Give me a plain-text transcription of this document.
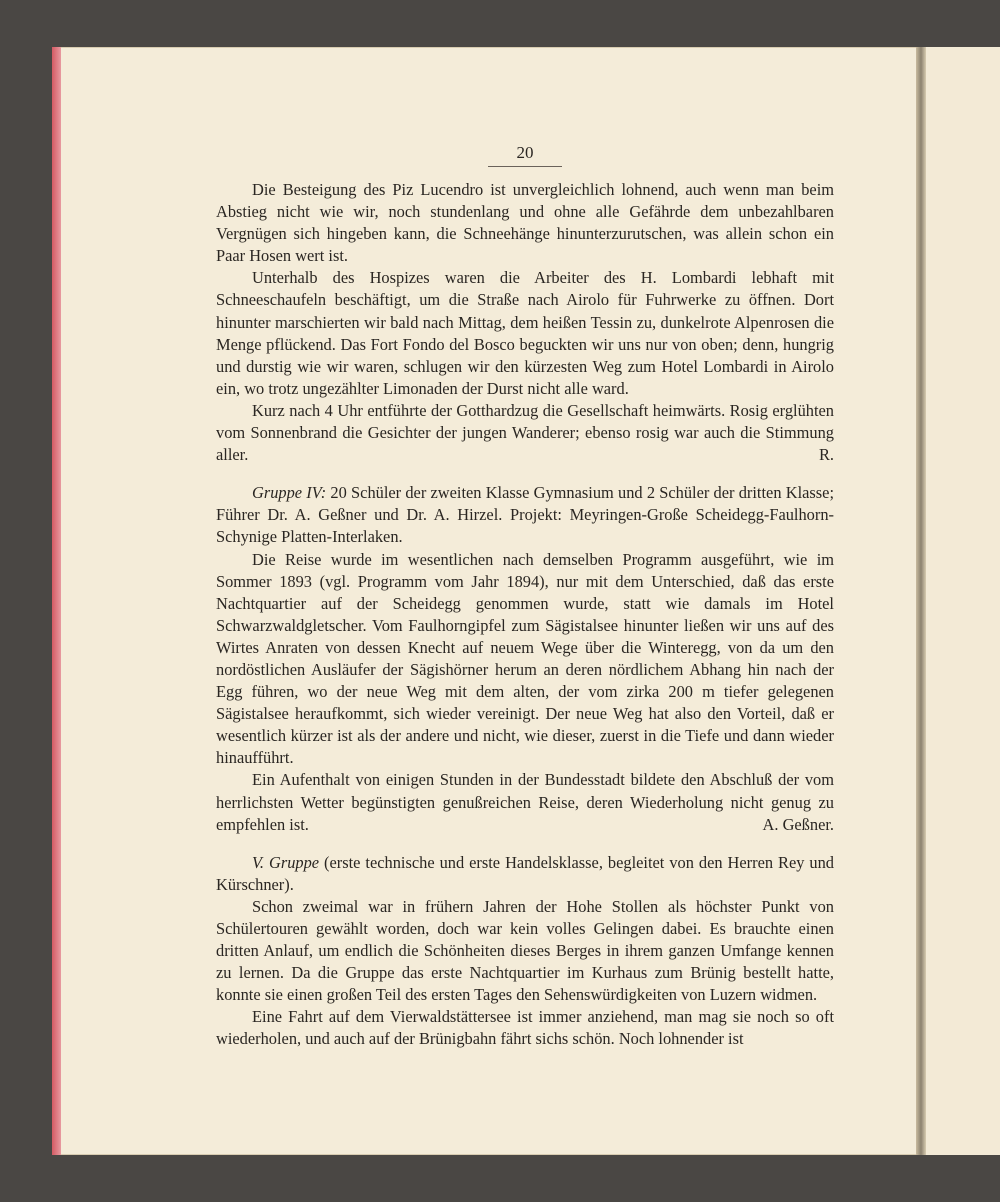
20

Die Besteigung des Piz Lucendro ist unvergleichlich lohnend, auch wenn man beim Abstieg nicht wie wir, noch stundenlang und ohne alle Gefährde dem unbezahlbaren Vergnügen sich hingeben kann, die Schneehänge hinunterzurutschen, was allein schon ein Paar Hosen wert ist.

Unterhalb des Hospizes waren die Arbeiter des H. Lombardi lebhaft mit Schneeschaufeln beschäftigt, um die Straße nach Airolo für Fuhrwerke zu öffnen. Dort hinunter marschierten wir bald nach Mittag, dem heißen Tessin zu, dunkelrote Alpenrosen die Menge pflückend. Das Fort Fondo del Bosco beguckten wir uns nur von oben; denn, hungrig und durstig wie wir waren, schlugen wir den kürzesten Weg zum Hotel Lombardi in Airolo ein, wo trotz ungezählter Limonaden der Durst nicht alle ward.

Kurz nach 4 Uhr entführte der Gotthardzug die Gesellschaft heimwärts. Rosig erglühten vom Sonnenbrand die Gesichter der jungen Wanderer; ebenso rosig war auch die Stimmung aller.	R.

Gruppe IV: 20 Schüler der zweiten Klasse Gymnasium und 2 Schüler der dritten Klasse; Führer Dr. A. Geßner und Dr. A. Hirzel. Projekt: Meyringen-Große Scheidegg-Faulhorn-Schynige Platten-Interlaken.

Die Reise wurde im wesentlichen nach demselben Programm ausgeführt, wie im Sommer 1893 (vgl. Programm vom Jahr 1894), nur mit dem Unterschied, daß das erste Nachtquartier auf der Scheidegg genommen wurde, statt wie damals im Hotel Schwarzwaldgletscher. Vom Faulhorngipfel zum Sägistalsee hinunter ließen wir uns auf des Wirtes Anraten von dessen Knecht auf neuem Wege über die Winteregg, von da um den nordöstlichen Ausläufer der Sägishörner herum an deren nördlichem Abhang hin nach der Egg führen, wo der neue Weg mit dem alten, der vom zirka 200 m tiefer gelegenen Sägistalsee heraufkommt, sich wieder vereinigt. Der neue Weg hat also den Vorteil, daß er wesentlich kürzer ist als der andere und nicht, wie dieser, zuerst in die Tiefe und dann wieder hinaufführt.

Ein Aufenthalt von einigen Stunden in der Bundesstadt bildete den Abschluß der vom herrlichsten Wetter begünstigten genußreichen Reise, deren Wiederholung nicht genug zu empfehlen ist.	A. Geßner.

V. Gruppe (erste technische und erste Handelsklasse, begleitet von den Herren Rey und Kürschner).

Schon zweimal war in frühern Jahren der Hohe Stollen als höchster Punkt von Schülertouren gewählt worden, doch war kein volles Gelingen dabei. Es brauchte einen dritten Anlauf, um endlich die Schönheiten dieses Berges in ihrem ganzen Umfange kennen zu lernen. Da die Gruppe das erste Nachtquartier im Kurhaus zum Brünig bestellt hatte, konnte sie einen großen Teil des ersten Tages den Sehenswürdigkeiten von Luzern widmen.

Eine Fahrt auf dem Vierwaldstättersee ist immer anziehend, man mag sie noch so oft wiederholen, und auch auf der Brünigbahn fährt sichs schön. Noch lohnender ist
